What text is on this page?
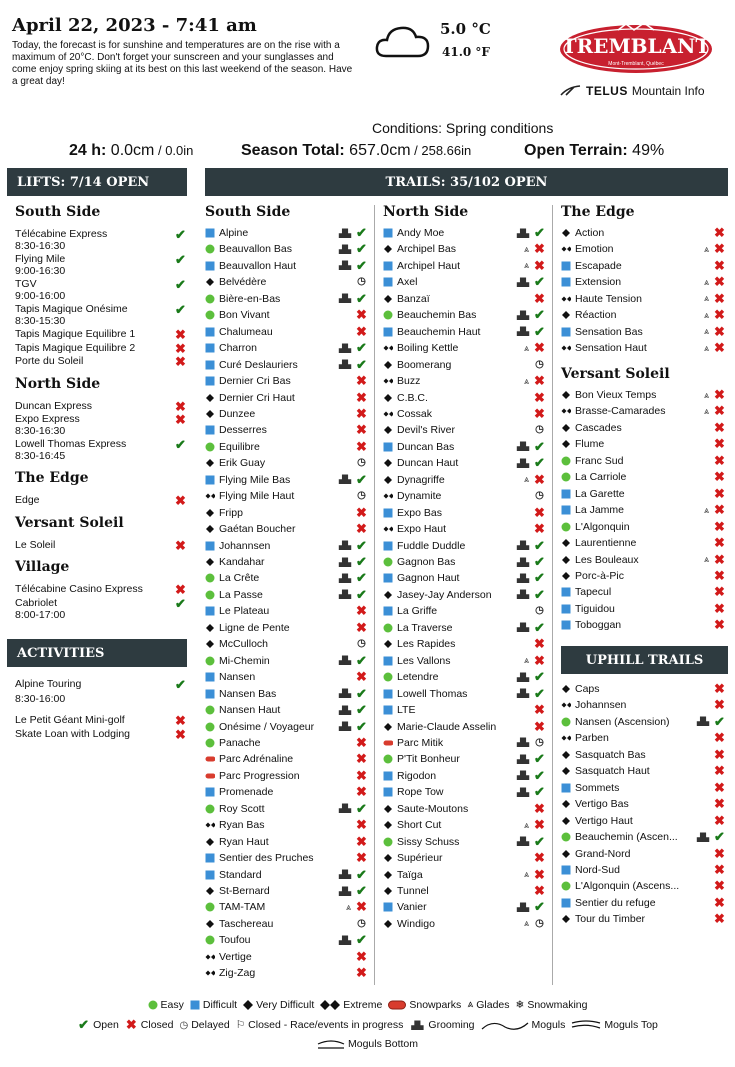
April 22, 2023 - 7:41 am
Today, the forecast is for sunshine and temperatures are on the rise with a maximum of 20°C. Don't forget your sunscreen and your sunglasses and come enjoy spring skiing at its best on this last weekend of the season. Have a great day!
5.0 °C
41.0 °F	TREMBLANT
Mont-Tremblant, Québec
TELUS Mountain Info
Conditions: Spring conditions
24 h: 0.0cm / 0.0in	Season Total: 657.0cm / 258.66in	Open Terrain: 49%
LIFTS: 7/14 OPEN	TRAILS: 35/102 OPEN
ACTIVITIES	UPHILL TRAILS
South Side
Télécabine Express
8:30-16:30
✔
Flying Mile
9:00-16:30
✔
TGV
9:00-16:00
✔
Tapis Magique Onésime
8:30-15:30
✔
Tapis Magique Equilibre 1	✖
Tapis Magique Equilibre 2	✖
Porte du Soleil	✖
North Side
Duncan Express	✖
Expo Express
8:30-16:30
✖
Lowell Thomas Express
8:30-16:45
✔
The Edge
Edge	✖
Versant Soleil
Le Soleil	✖
Village
Télécabine Casino Express ✖
Cabriolet
8:00-17:00
✔
Alpine Touring
8:30-16:00
✔
Le Petit Géant Mini-golf	✖
Skate Loan with Lodging	✖
South Side
Alpine	▟▙ ✔
Beauvallon Bas	▟▙ ✔
Beauvallon Haut	▟▙ ✔
Belvédère	◷
Bière-en-Bas	▟▙ ✔
Bon Vivant	✖
Chalumeau	✖
Charron	▟▙ ✔
Curé Deslauriers	▟▙ ✔
Dernier Cri Bas	✖
Dernier Cri Haut	✖
Dunzee	✖
Desserres	✖
Equilibre	✖
Erik Guay	◷
Flying Mile Bas	▟▙ ✔
Flying Mile Haut	◷
Fripp	✖
Gaétan Boucher	✖
Johannsen	▟▙ ✔
Kandahar	▟▙ ✔
La Crête	▟▙ ✔
La Passe	▟▙ ✔
Le Plateau	✖
Ligne de Pente	✖
McCulloch	◷
Mi-Chemin	▟▙ ✔
Nansen	✖
Nansen Bas	▟▙ ✔
Nansen Haut	▟▙ ✔
Onésime / Voyageur	▟▙ ✔
Panache	✖
Parc Adrénaline	✖
Parc Progression	✖
Promenade	✖
Roy Scott	▟▙ ✔
Ryan Bas	✖
Ryan Haut	✖
Sentier des Pruches	✖
Standard	▟▙ ✔
St-Bernard	▟▙ ✔
TAM-TAM	⩓ ✖
Taschereau	◷
Toufou	▟▙ ✔
Vertige	✖
Zig-Zag	✖
North Side
Andy Moe	▟▙ ✔
Archipel Bas	⩓ ✖
Archipel Haut	⩓ ✖
Axel	▟▙ ✔
Banzaï	✖
Beauchemin Bas	▟▙ ✔
Beauchemin Haut	▟▙ ✔
Boiling Kettle	⩓ ✖
Boomerang	◷
Buzz	⩓ ✖
C.B.C.	✖
Cossak	✖
Devil's River	◷
Duncan Bas	▟▙ ✔
Duncan Haut	▟▙ ✔
Dynagriffe	⩓ ✖
Dynamite	◷
Expo Bas	✖
Expo Haut	✖
Fuddle Duddle	▟▙ ✔
Gagnon Bas	▟▙ ✔
Gagnon Haut	▟▙ ✔
Jasey-Jay Anderson	▟▙ ✔
La Griffe	◷
La Traverse	▟▙ ✔
Les Rapides	✖
Les Vallons	⩓ ✖
Letendre	▟▙ ✔
Lowell Thomas	▟▙ ✔
LTE	✖
Marie-Claude Asselin	✖
Parc Mitik	▟▙ ◷
P'Tit Bonheur	▟▙ ✔
Rigodon	▟▙ ✔
Rope Tow	▟▙ ✔
Saute-Moutons	✖
Short Cut	⩓ ✖
Sissy Schuss	▟▙ ✔
Supérieur	✖
Taïga	⩓ ✖
Tunnel	✖
Vanier	▟▙ ✔
Windigo	⩓ ◷
The Edge
Action	✖
Emotion	⩓ ✖
Escapade	✖
Extension	⩓ ✖
Haute Tension	⩓ ✖
Réaction	⩓ ✖
Sensation Bas	⩓ ✖
Sensation Haut	⩓ ✖
Versant Soleil
Bon Vieux Temps	⩓ ✖
Brasse-Camarades	⩓ ✖
Cascades	✖
Flume	✖
Franc Sud	✖
La Carriole	✖
La Garette	✖
La Jamme	⩓ ✖
L'Algonquin	✖
Laurentienne	✖
Les Bouleaux	⩓ ✖
Porc-à-Pic	✖
Tapecul	✖
Tiguidou	✖
Toboggan	✖
Caps	✖
Johannsen	✖
Nansen (Ascension)	▟▙ ✔
Parben	✖
Sasquatch Bas	✖
Sasquatch Haut	✖
Sommets	✖
Vertigo Bas	✖
Vertigo Haut	✖
Beauchemin (Ascen... ▟▙ ✔
Grand-Nord	✖
Nord-Sud	✖
L'Algonquin (Ascens...	✖
Sentier du refuge	✖
Tour du Timber	✖
Easy Difficult Very Difficult	Extreme	Snowparks ⩓ Glades ❄ Snowmaking
✔ Open ✖ Closed ◷ Delayed ⚐ Closed - Race/events in progress ▟▙ Grooming	Moguls	Moguls Top
Moguls Bottom
